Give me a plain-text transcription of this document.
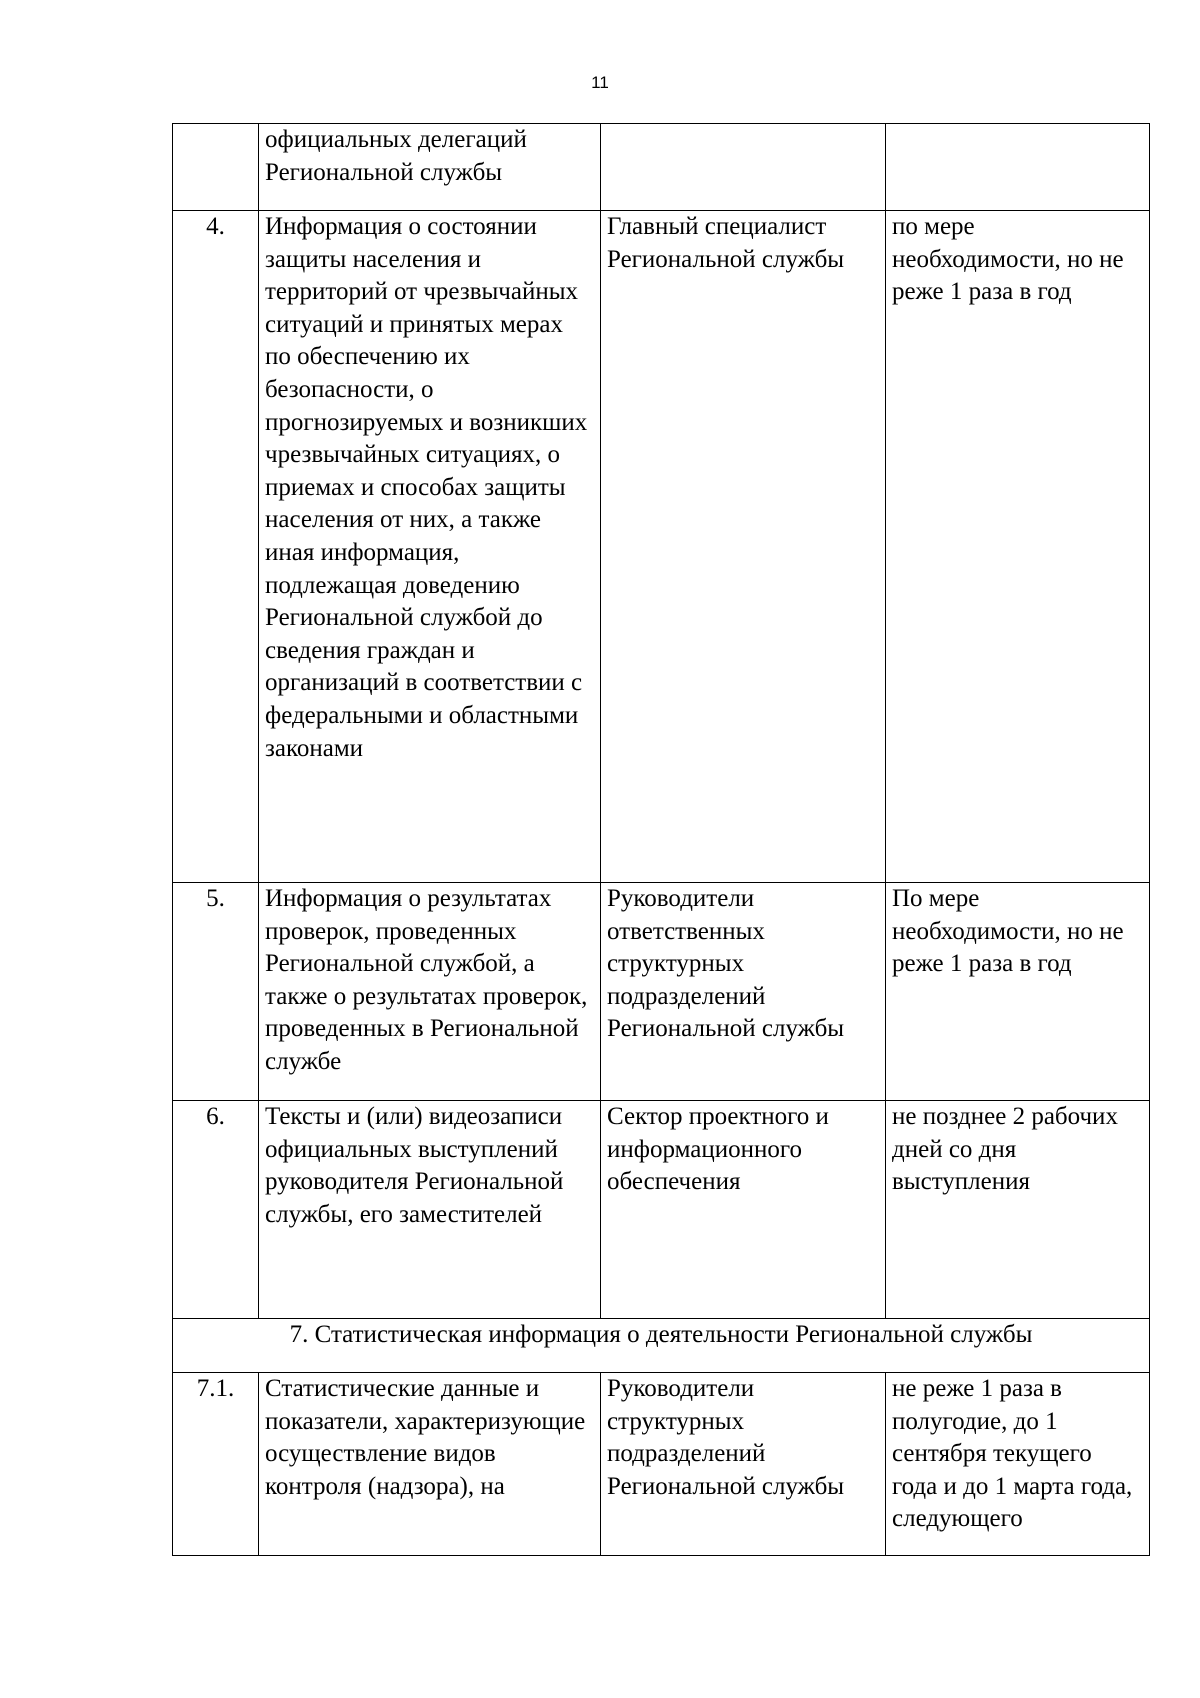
11
	официальных делегаций Региональной службы		
4.	Информация о состоянии защиты населения и территорий от чрезвычайных ситуаций и принятых мерах по обеспечению их безопасности, о прогнозируемых и возникших чрезвычайных ситуациях, о приемах и способах защиты населения от них, а также иная информация, подлежащая доведению Региональной службой до сведения граждан и организаций в соответствии с федеральными и областными законами	Главный специалист Региональной службы	по мере необходимости, но не реже 1 раза в год
5.	Информация о результатах проверок, проведенных Региональной службой, а также о результатах проверок, проведенных в Региональной службе	Руководители ответственных структурных подразделений Региональной службы	По мере необходимости, но не реже 1 раза в год
6.	Тексты и (или) видеозаписи официальных выступлений руководителя Региональной службы, его заместителей	Сектор проектного и информационного обеспечения	не позднее 2 рабочих дней со дня выступления
7. Статистическая информация о деятельности Региональной службы			
7.1.	Статистические данные и показатели, характеризующие осуществление видов контроля (надзора), на	Руководители структурных подразделений Региональной службы	не реже 1 раза в полугодие, до 1 сентября текущего года и до 1 марта года, следующего
